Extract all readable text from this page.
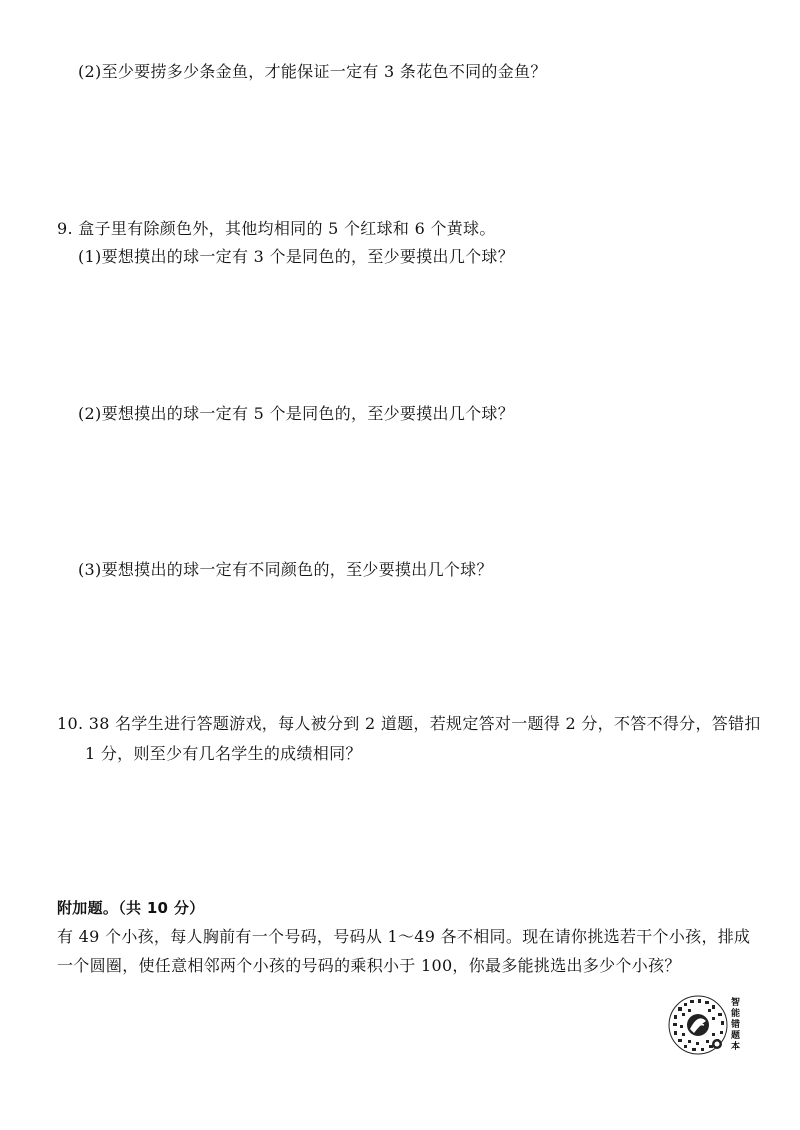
(2)至少要捞多少条金鱼，才能保证一定有 3 条花色不同的金鱼？
9. 盒子里有除颜色外，其他均相同的 5 个红球和 6 个黄球。
(1)要想摸出的球一定有 3 个是同色的，至少要摸出几个球？
(2)要想摸出的球一定有 5 个是同色的，至少要摸出几个球？
(3)要想摸出的球一定有不同颜色的，至少要摸出几个球？
10. 38 名学生进行答题游戏，每人被分到 2 道题，若规定答对一题得 2 分，不答不得分，答错扣
1 分，则至少有几名学生的成绩相同？
附加题。（共 10 分）
有 49 个小孩，每人胸前有一个号码，号码从 1～49 各不相同。现在请你挑选若干个小孩，排成
一个圆圈，使任意相邻两个小孩的号码的乘积小于 100，你最多能挑选出多少个小孩？
智能错题本
